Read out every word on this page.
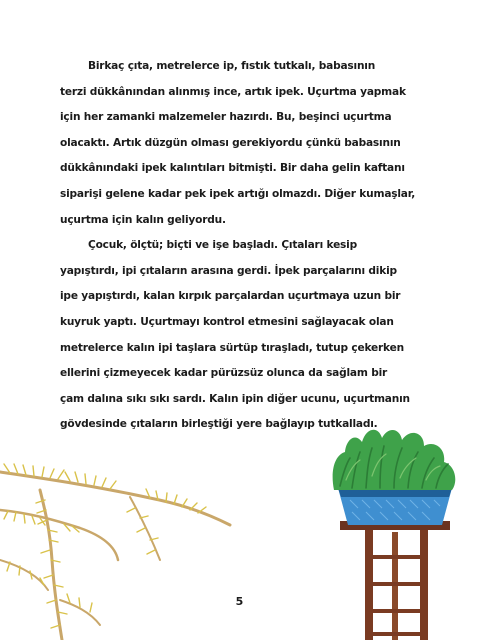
Birkaç çıta, metrelerce ip, fıstık tutkalı, babasının
terzi dükkânından alınmış ince, artık ipek. Uçurtma yapmak
için her zamanki malzemeler hazırdı. Bu, beşinci uçurtma
olacaktı. Artık düzgün olması gerekiyordu çünkü babasının
dükkânındaki ipek kalıntıları bitmişti. Bir daha gelin kaftanı
siparişi gelene kadar pek ipek artığı olmazdı. Diğer kumaşlar,
uçurtma için kalın geliyordu.
Çocuk, ölçtü; biçti ve işe başladı. Çıtaları kesip
yapıştırdı, ipi çıtaların arasına gerdi. İpek parçalarını dikip
ipe yapıştırdı, kalan kırpık parçalardan uçurtmaya uzun bir
kuyruk yaptı. Uçurtmayı kontrol etmesini sağlayacak olan
metrelerce kalın ipi taşlara sürtüp tıraşladı, tutup çekerken
ellerini çizmeyecek kadar pürüzsüz olunca da sağlam bir
çam dalına sıkı sıkı sardı. Kalın ipin diğer ucunu, uçurtmanın
gövdesinde çıtaların birleştiği yere bağlayıp tutkalladı.
5
